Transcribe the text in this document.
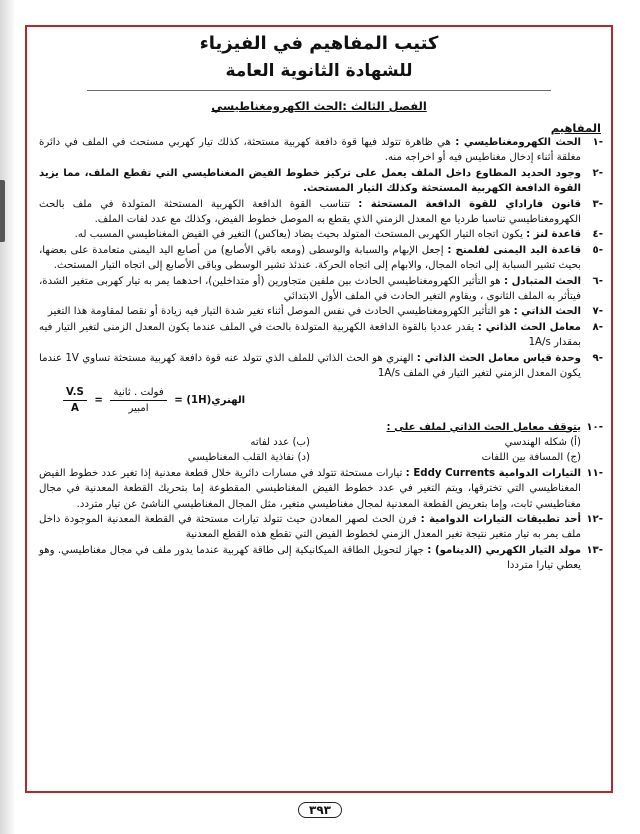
كتيب المفاهيم في الفيزياء
للشهادة الثانوية العامة
الفصل الثالث :الحث الكهرومغناطيسي
المفاهيم
-١
الحث الكهرومغناطيسي : هي ظاهرة تتولد فيها قوة دافعة كهربية مستحثة، كذلك تيار كهربي مستحث في الملف في دائرة مغلقة أثناء إدخال مغناطيس فيه أو اخراجه منه.
-٢
وجود الحديد المطاوع داخل الملف يعمل على تركيز خطوط الفيض المغناطيسي التي تقطع الملف، مما يزيد القوة الدافعة الكهربية المستحثة وكذلك التيار المستحث.
-٣
قانون فاراداي للقوة الدافعة المستحثة : تتناسب القوة الدافعة الكهربية المستحثة المتولدة في ملف بالحث الكهرومغناطيسي تناسبا طرديا مع المعدل الزمني الذي يقطع به الموصل خطوط الفيض، وكذلك مع عدد لفات الملف.
-٤
قاعدة لنز : يكون اتجاه التيار الكهربى المستحث المتولد بحيث يضاد (يعاكس) التغير في الفيض المغناطيسي المسبب له.
-٥
قاعدة اليد اليمنى لفلمنج : إجعل الإبهام والسبابة والوسطى (ومعه باقي الأصابع) من أصابع اليد اليمنى متعامدة على بعضها، بحيث تشير السبابة إلى اتجاه المجال، والابهام إلى اتجاه الحركة. عندئذ تشير الوسطى وباقى الأصابع إلى اتجاه التيار المستحث.
-٦
الحث المتبادل : هو التأثير الكهرومغناطيسي الحادث بين ملفين متجاورين (أو متداخلين)، احدهما يمر به تيار كهربى متغير الشدة، فيتأثر به الملف الثانوى ، ويقاوم التغير الحادث في الملف الأول الابتدائي
-٧
الحث الذاتي : هو التأثير الكهرومغناطيسي الحادث في نفس الموصل أثناء تغير شدة التيار فيه زيادة أو نقصا لمقاومة هذا التغير
-٨
معامل الحث الذاتي : يقدر عدديا بالقوة الدافعة الكهربية المتولدة بالحث في الملف عندما يكون المعدل الزمنى لتغير التيار فيه بمقدار 1A/s
-٩
وحدة قياس معامل الحث الذاتي : الهنري هو الحث الذاتي للملف الذي تتولد عنه قوة دافعة كهربية مستحثة تساوي 1V عندما يكون المعدل الزمني لتغير التيار في الملف 1A/s
الهنري(1H)
=
$\frac{\text{فولت . ثانية}}{\text{امبير}}$
=
$\frac{V.S}{A}$
-١٠
يتوقف معامل الحث الذاتي لملف على :
(أ) شكله الهندسي
(ب) عدد لفاته
(ج) المسافة بين اللفات
(د) نفاذية القلب المغناطيسي
-١١
التيارات الدوامية Eddy Currents : تيارات مستحثة تتولد في مسارات دائرية خلال قطعة معدنية إذا تغير عدد خطوط الفيض المغناطيسي التي تخترقها، ويتم التغير في عدد خطوط الفيض المغناطيسي المقطوعة إما بتحريك القطعة المعدنية في مجال مغناطيسي ثابت، وإما بتعريض القطعة المعدنية لمجال مغناطيسي متغير، مثل المجال المغناطيسي الناشئ عن تيار متردد.
-١٢
أحد تطبيقات التيارات الدوامية : فرن الحث لصهر المعادن حيث تتولد تيارات مستحثة في القطعة المعدنية الموجودة داخل ملف يمر به تيار متغير نتيجة تغير المعدل الزمني لخطوط الفيض التي تقطع هذه القطع المعدنية
-١٣
مولد التيار الكهربي (الدينامو) : جهاز لتحويل الطاقة الميكانيكية إلى طاقة كهربية عندما يدور ملف في مجال مغناطيسي. وهو يعطي تيارا مترددا
٣٩٣
